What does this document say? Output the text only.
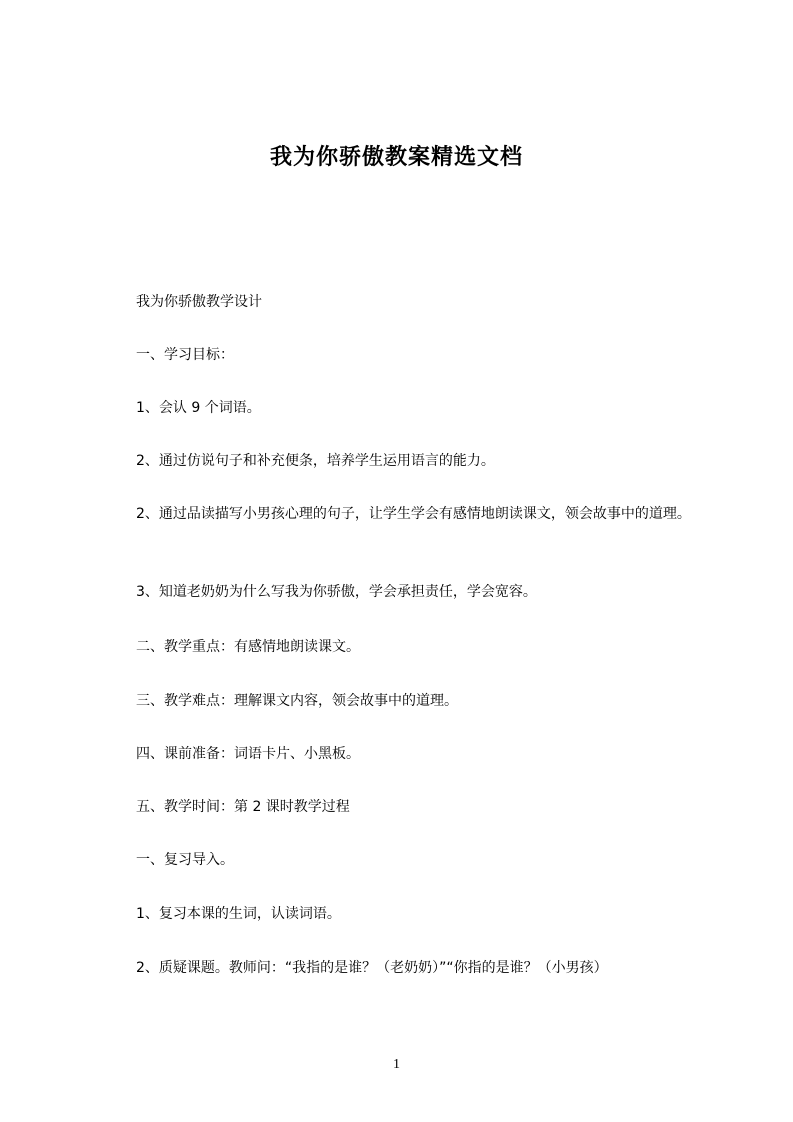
我为你骄傲教案精选文档
我为你骄傲教学设计
一、学习目标：
1、会认 9 个词语。
2、通过仿说句子和补充便条，培养学生运用语言的能力。
2、通过品读描写小男孩心理的句子，让学生学会有感情地朗读课文，领会故事中的道理。
3、知道老奶奶为什么写我为你骄傲，学会承担责任，学会宽容。
二、教学重点：有感情地朗读课文。
三、教学难点：理解课文内容，领会故事中的道理。
四、课前准备：词语卡片、小黑板。
五、教学时间：第 2 课时教学过程
一、复习导入。
1、复习本课的生词，认读词语。
2、质疑课题。教师问：“我指的是谁？（老奶奶）”“你指的是谁？（小男孩）
1
